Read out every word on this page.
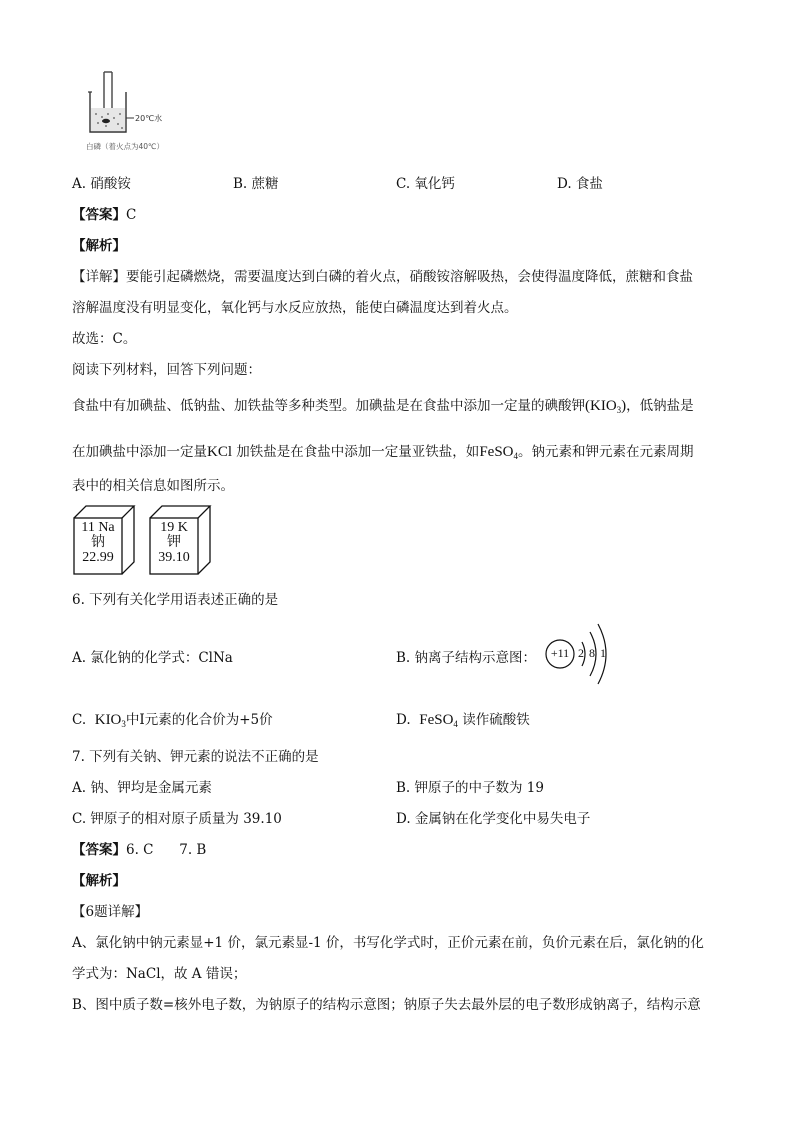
20℃水
白磷（着火点为40℃）
A. 硝酸铵	B. 蔗糖	C. 氧化钙	D. 食盐
【答案】C
【解析】
【详解】要能引起磷燃烧，需要温度达到白磷的着火点，硝酸铵溶解吸热，会使得温度降低，蔗糖和食盐
溶解温度没有明显变化，氧化钙与水反应放热，能使白磷温度达到着火点。
故选：C。
阅读下列材料，回答下列问题：
食盐中有加碘盐、低钠盐、加铁盐等多种类型。加碘盐是在食盐中添加一定量的碘酸钾$(KIO_3)$，低钠盐是
在加碘盐中添加一定量KCl 加铁盐是在食盐中添加一定量亚铁盐，如FeSO$_4$。钠元素和钾元素在元素周期
表中的相关信息如图所示。
11 Na
钠
22.99
19 K
钾
39.10
6. 下列有关化学用语表述正确的是
A. 氯化钠的化学式：ClNa	B. 钠离子结构示意图：	+11 2 8 1
C. $KIO_3$中Ⅰ元素的化合价为+5价	D. FeSO$_4$ 读作硫酸铁
7. 下列有关钠、钾元素的说法不正确的是
A. 钠、钾均是金属元素	B. 钾原子的中子数为 19
C. 钾原子的相对原子质量为 39.10	D. 金属钠在化学变化中易失电子
【答案】6. C      7. B
【解析】
【6题详解】
A、氯化钠中钠元素显+1 价，氯元素显-1 价，书写化学式时，正价元素在前，负价元素在后，氯化钠的化
学式为：NaCl，故 A 错误；
B、图中质子数=核外电子数，为钠原子的结构示意图；钠原子失去最外层的电子数形成钠离子，结构示意
